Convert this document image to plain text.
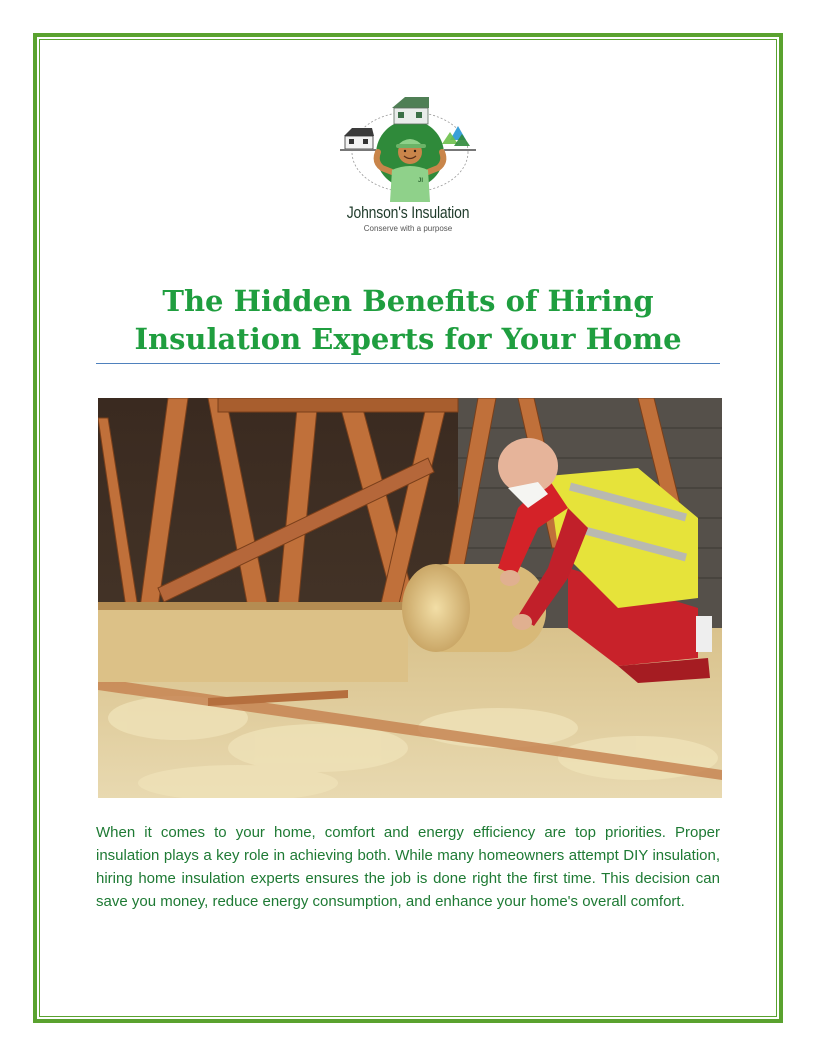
JI
Johnson's Insulation
Conserve with a purpose
The Hidden Benefits of Hiring Insulation Experts for Your Home

When it comes to your home, comfort and energy efficiency are top priorities. Proper insulation plays a key role in achieving both. While many homeowners attempt DIY insulation, hiring home insulation experts ensures the job is done right the first time. This decision can save you money, reduce energy consumption, and enhance your home's overall comfort.
